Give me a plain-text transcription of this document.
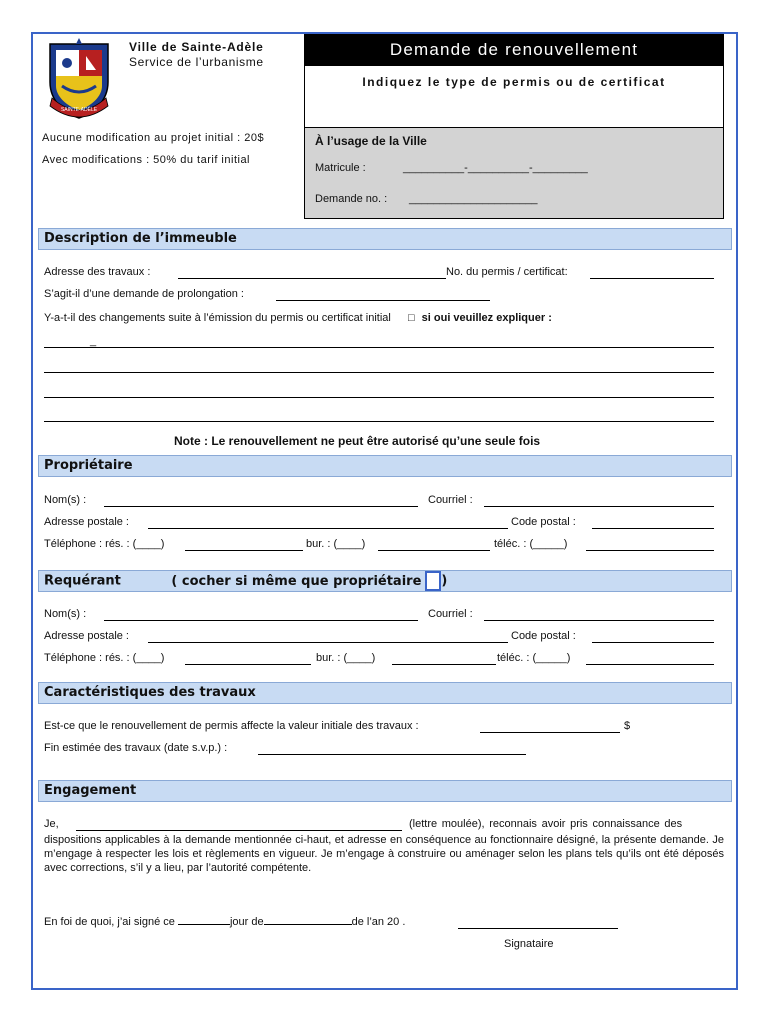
SAINTE-ADÈLE
Ville de Sainte-Adèle
Service de l’urbanisme
Demande de renouvellement
Indiquez le type de permis ou de certificat
Aucune modification au projet initial : 20$
Avec modifications : 50% du tarif initial
À l’usage de la Ville
Matricule :	__________-__________-_________
Demande no. : _____________________
Description de l’immeuble
Adresse des travaux :	No. du permis / certificat:
S’agit-il d’une demande de prolongation :
Y-a-t-il des changements suite à l’émission du permis ou certificat initial □ si oui veuillez expliquer :
_
Note : Le renouvellement ne peut être autorisé qu’une seule fois
Propriétaire
Nom(s) :	Courriel :
Adresse postale :	Code postal :
Téléphone : rés. : (____)	bur. : (____)	téléc. : (_____)
Requérant	( cocher si même que propriétaire )
Nom(s) :	Courriel :
Adresse postale :	Code postal :
Téléphone : rés. : (____)	bur. : (____)	téléc. : (_____)
Caractéristiques des travaux
Est-ce que le renouvellement de permis affecte la valeur initiale des travaux :	$
Fin estimée des travaux (date s.v.p.) :
Engagement
Je,	(lettre moulée), reconnais avoir pris connaissance des
dispositions applicables à la demande mentionnée ci-haut, et adresse en conséquence au fonctionnaire désigné, la présente demande. Je m’engage à respecter les lois et règlements en vigueur. Je m’engage à construire ou aménager selon les plans tels qu’ils ont été déposés avec corrections, s’il y a lieu, par l’autorité compétente.
En foi de quoi, j’ai signé ce	jour de	de l’an 20 .
Signataire
